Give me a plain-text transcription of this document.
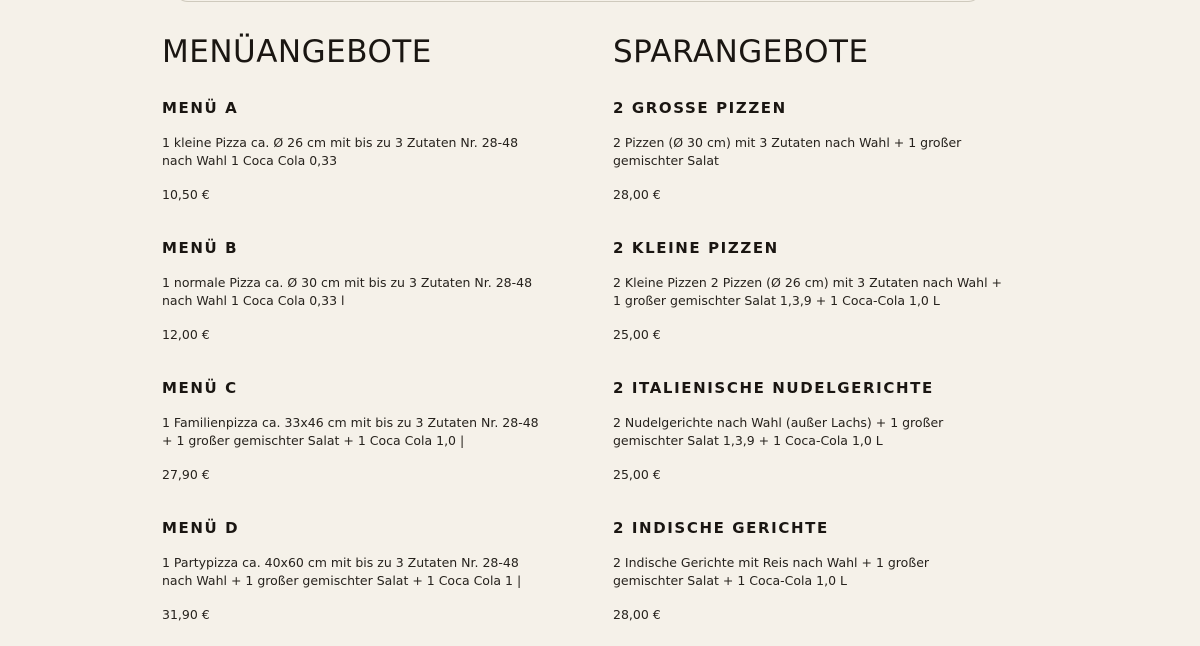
MENÜANGEBOTE
MENÜ A

1 kleine Pizza ca. Ø 26 cm mit bis zu 3 Zutaten Nr. 28-48 nach Wahl 1 Coca Cola 0,33

10,50 €

MENÜ B

1 normale Pizza ca. Ø 30 cm mit bis zu 3 Zutaten Nr. 28-48 nach Wahl 1 Coca Cola 0,33 l

12,00 €

MENÜ C

1 Familienpizza ca. 33x46 cm mit bis zu 3 Zutaten Nr. 28-48 + 1 großer gemischter Salat + 1 Coca Cola 1,0 |

27,90 €

MENÜ D

1 Partypizza ca. 40x60 cm mit bis zu 3 Zutaten Nr. 28-48 nach Wahl + 1 großer gemischter Salat + 1 Coca Cola 1 |

31,90 €

SPARANGEBOTE
2 GROSSE PIZZEN

2 Pizzen (Ø 30 cm) mit 3 Zutaten nach Wahl + 1 großer gemischter Salat

28,00 €

2 KLEINE PIZZEN

2 Kleine Pizzen 2 Pizzen (Ø 26 cm) mit 3 Zutaten nach Wahl + 1 großer gemischter Salat 1,3,9 + 1 Coca-Cola 1,0 L

25,00 €

2 ITALIENISCHE NUDELGERICHTE

2 Nudelgerichte nach Wahl (außer Lachs) + 1 großer gemischter Salat 1,3,9 + 1 Coca-Cola 1,0 L

25,00 €

2 INDISCHE GERICHTE

2 Indische Gerichte mit Reis nach Wahl + 1 großer gemischter Salat + 1 Coca-Cola 1,0 L

28,00 €
